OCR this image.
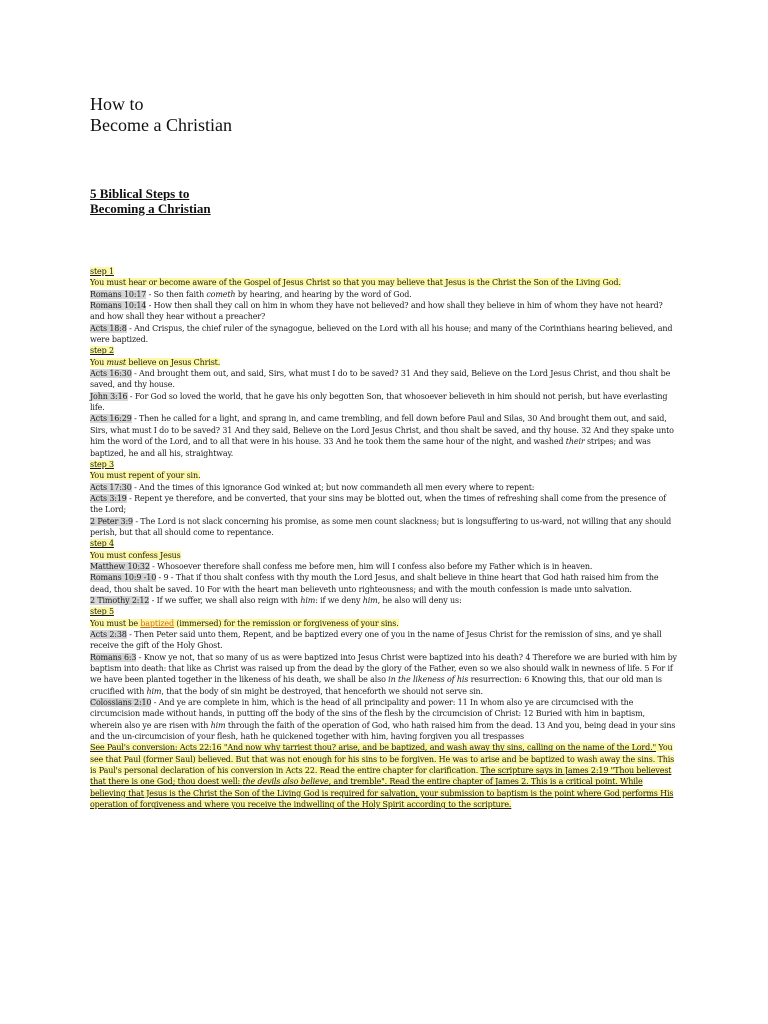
How to
Become a Christian
5 Biblical Steps to
Becoming a Christian

step 1

You must hear or become aware of the Gospel of Jesus Christ so that you may believe that Jesus is the Christ the Son of the Living God.

Romans 10:17 - So then faith cometh by hearing, and hearing by the word of God.

Romans 10:14 - How then shall they call on him in whom they have not believed? and how shall they believe in him of whom they have not heard? and how shall they hear without a preacher?

Acts 18:8 - And Crispus, the chief ruler of the synagogue, believed on the Lord with all his house; and many of the Corinthians hearing believed, and were baptized.

step 2

You must believe on Jesus Christ.

Acts 16:30 - And brought them out, and said, Sirs, what must I do to be saved? 31 And they said, Believe on the Lord Jesus Christ, and thou shalt be saved, and thy house.

John 3:16 - For God so loved the world, that he gave his only begotten Son, that whosoever believeth in him should not perish, but have everlasting life.

Acts 16:29 - Then he called for a light, and sprang in, and came trembling, and fell down before Paul and Silas, 30 And brought them out, and said, Sirs, what must I do to be saved? 31 And they said, Believe on the Lord Jesus Christ, and thou shalt be saved, and thy house. 32 And they spake unto him the word of the Lord, and to all that were in his house. 33 And he took them the same hour of the night, and washed their stripes; and was baptized, he and all his, straightway.

step 3

You must repent of your sin.

Acts 17:30 - And the times of this ignorance God winked at; but now commandeth all men every where to repent:

Acts 3:19 - Repent ye therefore, and be converted, that your sins may be blotted out, when the times of refreshing shall come from the presence of the Lord;

2 Peter 3:9 - The Lord is not slack concerning his promise, as some men count slackness; but is longsuffering to us-ward, not willing that any should perish, but that all should come to repentance.

step 4

You must confess Jesus

Matthew 10:32 - Whosoever therefore shall confess me before men, him will I confess also before my Father which is in heaven.

Romans 10:9 -10 - 9 - That if thou shalt confess with thy mouth the Lord Jesus, and shalt believe in thine heart that God hath raised him from the dead, thou shalt be saved. 10 For with the heart man believeth unto righteousness; and with the mouth confession is made unto salvation.

2 Timothy 2:12 - If we suffer, we shall also reign with him: if we deny him, he also will deny us:

step 5

You must be baptized (immersed) for the remission or forgiveness of your sins.

Acts 2:38 - Then Peter said unto them, Repent, and be baptized every one of you in the name of Jesus Christ for the remission of sins, and ye shall receive the gift of the Holy Ghost.

Romans 6:3 - Know ye not, that so many of us as were baptized into Jesus Christ were baptized into his death? 4 Therefore we are buried with him by baptism into death: that like as Christ was raised up from the dead by the glory of the Father, even so we also should walk in newness of life. 5 For if we have been planted together in the likeness of his death, we shall be also in the likeness of his resurrection: 6 Knowing this, that our old man is crucified with him, that the body of sin might be destroyed, that henceforth we should not serve sin.

Colossians 2:10 - And ye are complete in him, which is the head of all principality and power: 11 In whom also ye are circumcised with the circumcision made without hands, in putting off the body of the sins of the flesh by the circumcision of Christ: 12 Buried with him in baptism, wherein also ye are risen with him through the faith of the operation of God, who hath raised him from the dead. 13 And you, being dead in your sins and the un-circumcision of your flesh, hath he quickened together with him, having forgiven you all trespasses

See Paul's conversion: Acts 22:16 "And now why tarriest thou? arise, and be baptized, and wash away thy sins, calling on the name of the Lord." You see that Paul (former Saul) believed. But that was not enough for his sins to be forgiven. He was to arise and be baptized to wash away the sins. This is Paul's personal declaration of his conversion in Acts 22. Read the entire chapter for clarification. The scripture says in James 2:19 "Thou believest that there is one God; thou doest well: the devils also believe, and tremble". Read the entire chapter of James 2. This is a critical point. While believing that Jesus is the Christ the Son of the Living God is required for salvation, your submission to baptism is the point where God performs His operation of forgiveness and where you receive the indwelling of the Holy Spirit according to the scripture.
